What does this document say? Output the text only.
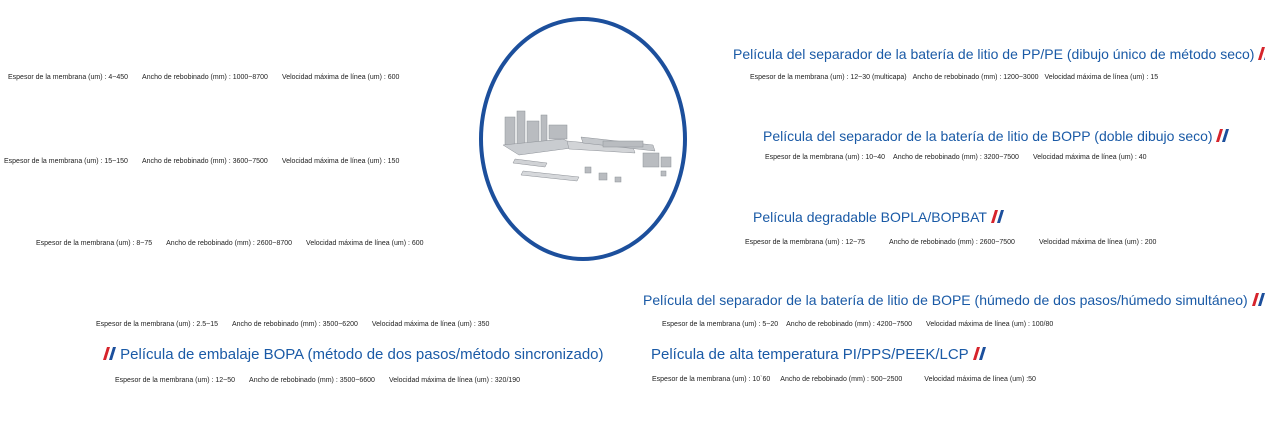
Espesor de la membrana (um) : 4~450 Ancho de rebobinado (mm) : 1000~8700 Velocidad máxima de línea (um) : 600
Espesor de la membrana (um) : 15~150 Ancho de rebobinado (mm) : 3600~7500 Velocidad máxima de línea (um) : 150
Espesor de la membrana (um) : 8~75 Ancho de rebobinado (mm) : 2600~8700 Velocidad máxima de línea (um) : 600
Espesor de la membrana (um) : 2.5~15 Ancho de rebobinado (mm) : 3500~6200 Velocidad máxima de línea (um) : 350
Película de embalaje BOPA (método de dos pasos/método sincronizado)
Espesor de la membrana (um) : 12~50 Ancho de rebobinado (mm) : 3500~6600 Velocidad máxima de línea (um) : 320/190
Película del separador de la batería de litio de PP/PE (dibujo único de método seco)
Espesor de la membrana (um) : 12~30 (multicapa) Ancho de rebobinado (mm) : 1200~3000 Velocidad máxima de línea (um) : 15
Película del separador de la batería de litio de BOPP (doble dibujo seco)
Espesor de la membrana (um) : 10~40 Ancho de rebobinado (mm) : 3200~7500 Velocidad máxima de línea (um) : 40
Película degradable BOPLA/BOPBAT
Espesor de la membrana (um) : 12~75	Ancho de rebobinado (mm) : 2600~7500	Velocidad máxima de línea (um) : 200
Película del separador de la batería de litio de BOPE (húmedo de dos pasos/húmedo simultáneo)
Espesor de la membrana (um) : 5~20 Ancho de rebobinado (mm) : 4200~7500 Velocidad máxima de línea (um) : 100/80
Película de alta temperatura PI/PPS/PEEK/LCP
Espesor de la membrana (um) : 10`60 Ancho de rebobinado (mm) : 500~2500	Velocidad máxima de línea (um) :50
